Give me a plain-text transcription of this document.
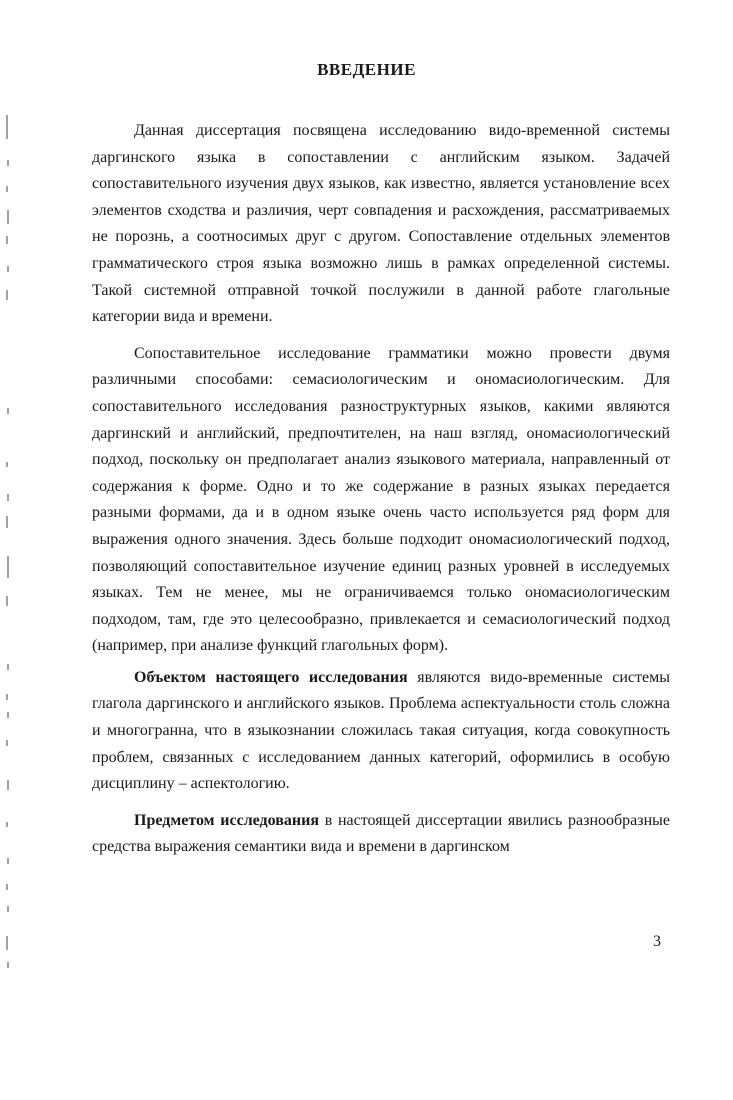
ВВЕДЕНИЕ

Данная диссертация посвящена исследованию видо-временной системы даргинского языка в сопоставлении с английским языком. Задачей сопоставительного изучения двух языков, как известно, является установление всех элементов сходства и различия, черт совпадения и расхождения, рассматриваемых не порознь, а соотносимых друг с другом. Сопоставление отдельных элементов грамматического строя языка возможно лишь в рамках определенной системы. Такой системной отправной точкой послужили в данной работе глагольные категории вида и времени.

Сопоставительное исследование грамматики можно провести двумя различными способами: семасиологическим и ономасиологическим. Для сопоставительного исследования разноструктурных языков, какими являются даргинский и английский, предпочтителен, на наш взгляд, ономасиологический подход, поскольку он предполагает анализ языкового материала, направленный от содержания к форме. Одно и то же содержание в разных языках передается разными формами, да и в одном языке очень часто используется ряд форм для выражения одного значения. Здесь больше подходит ономасиологический подход, позволяющий сопоставительное изучение единиц разных уровней в исследуемых языках. Тем не менее, мы не ограничиваемся только ономасиологическим подходом, там, где это целесообразно, привлекается и семасиологический подход (например, при анализе функций глагольных форм).

Объектом настоящего исследования являются видо-временные системы глагола даргинского и английского языков. Проблема аспектуальности столь сложна и многогранна, что в языкознании сложилась такая ситуация, когда совокупность проблем, связанных с исследованием данных категорий, оформились в особую дисциплину – аспектологию.

Предметом исследования в настоящей диссертации явились разнообразные средства выражения семантики вида и времени в даргинском

3
